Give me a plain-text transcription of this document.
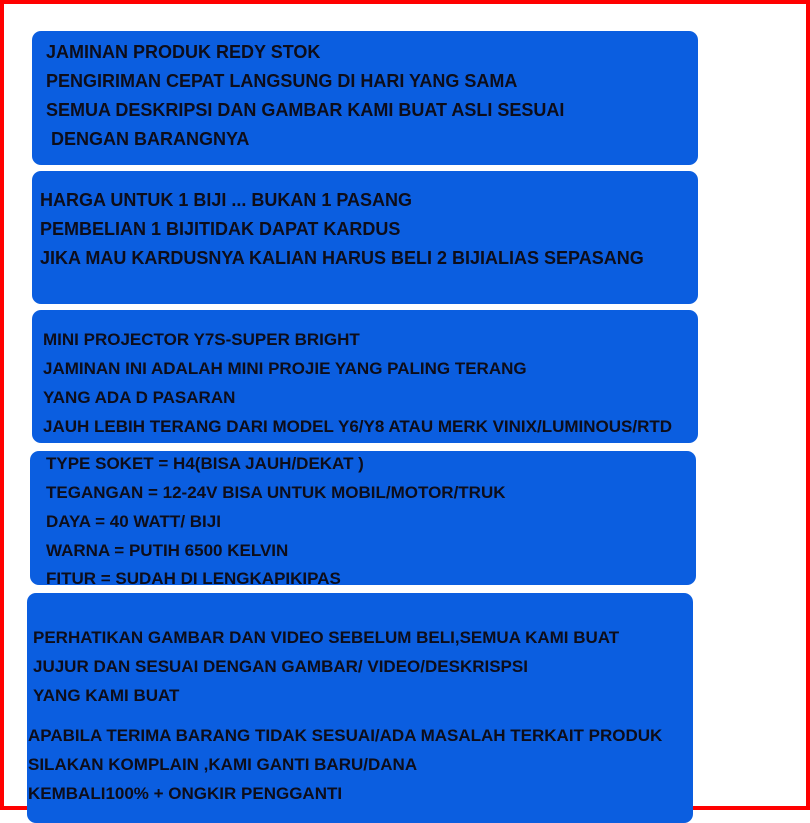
JAMINAN PRODUK REDY STOK
PENGIRIMAN CEPAT LANGSUNG DI HARI YANG SAMA
SEMUA DESKRIPSI DAN GAMBAR KAMI BUAT ASLI SESUAI
DENGAN BARANGNYA
HARGA UNTUK 1 BIJI ... BUKAN 1 PASANG
PEMBELIAN 1 BIJITIDAK DAPAT KARDUS
JIKA MAU KARDUSNYA KALIAN HARUS BELI 2 BIJIALIAS SEPASANG
MINI PROJECTOR Y7S-SUPER BRIGHT
JAMINAN INI ADALAH MINI PROJIE YANG PALING TERANG
YANG ADA D PASARAN
JAUH LEBIH TERANG DARI MODEL Y6/Y8 ATAU MERK VINIX/LUMINOUS/RTD
TYPE SOKET = H4(BISA JAUH/DEKAT )
TEGANGAN = 12-24V BISA UNTUK MOBIL/MOTOR/TRUK
DAYA = 40 WATT/ BIJI
WARNA = PUTIH 6500 KELVIN
FITUR = SUDAH DI LENGKAPIKIPAS
PERHATIKAN GAMBAR DAN VIDEO SEBELUM BELI,SEMUA KAMI BUAT
JUJUR DAN SESUAI DENGAN GAMBAR/ VIDEO/DESKRISPSI
YANG KAMI BUAT
APABILA TERIMA BARANG TIDAK SESUAI/ADA MASALAH TERKAIT PRODUK
SILAKAN KOMPLAIN ,KAMI GANTI BARU/DANA
KEMBALI100% + ONGKIR PENGGANTI
